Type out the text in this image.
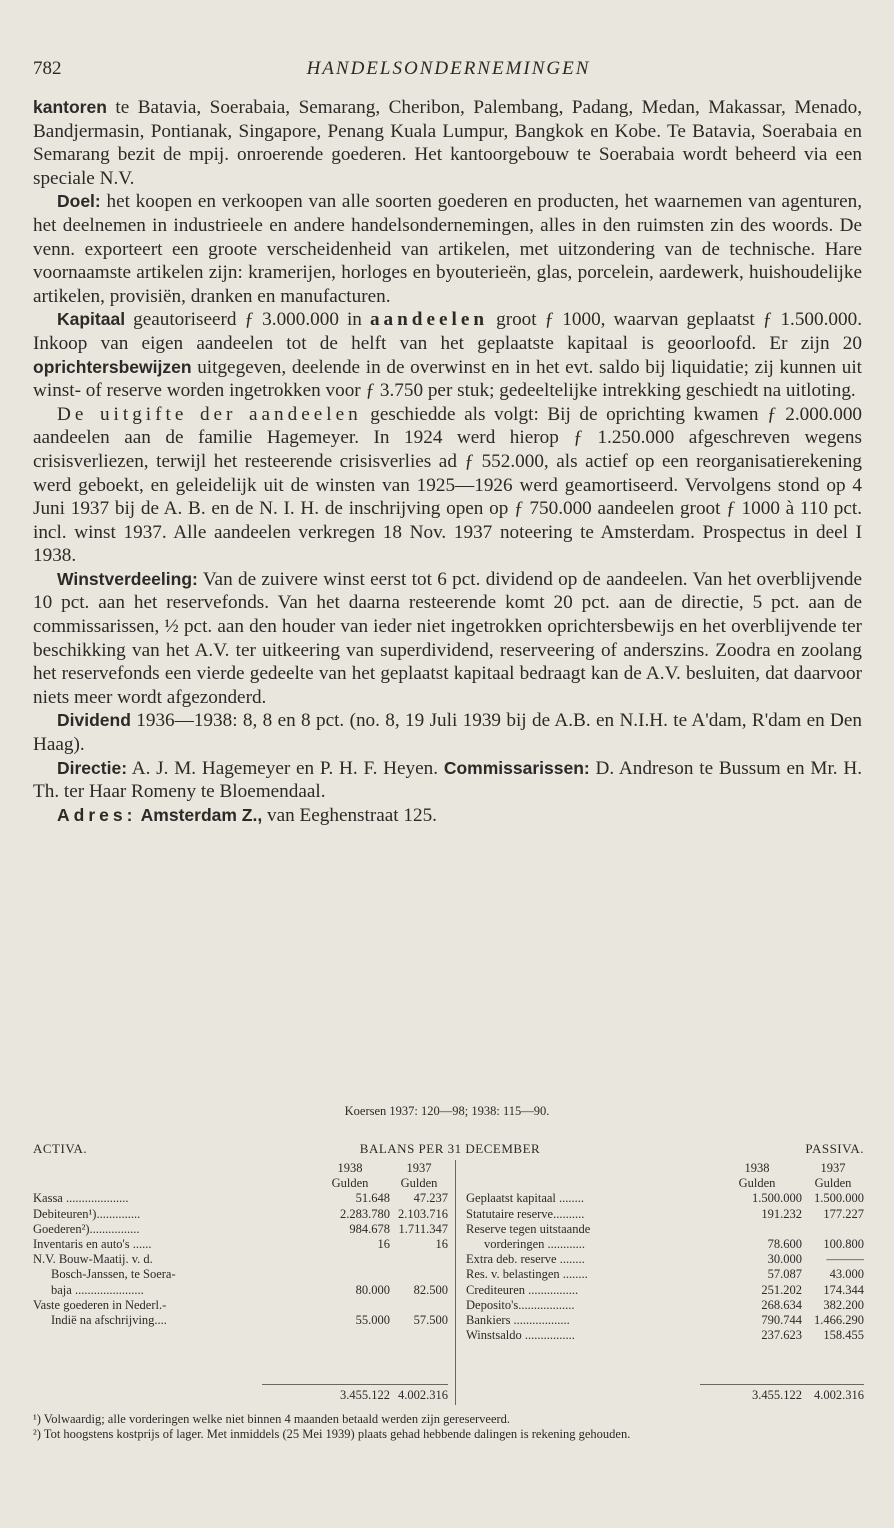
782	HANDELSONDERNEMINGEN

kantoren te Batavia, Soerabaia, Semarang, Cheribon, Palembang, Padang, Medan, Makassar, Menado, Bandjermasin, Pontianak, Singapore, Penang Kuala Lumpur, Bangkok en Kobe. Te Batavia, Soerabaia en Semarang bezit de mpij. onroerende goederen. Het kantoorgebouw te Soerabaia wordt beheerd via een speciale N.V.

Doel: het koopen en verkoopen van alle soorten goederen en producten, het waarnemen van agenturen, het deelnemen in industrieele en andere handelsondernemingen, alles in den ruimsten zin des woords. De venn. exporteert een groote verscheidenheid van artikelen, met uitzondering van de technische. Hare voornaamste artikelen zijn: kramerijen, horloges en byouterieën, glas, porcelein, aardewerk, huishoudelijke artikelen, provisiën, dranken en manufacturen.

Kapitaal geautoriseerd ƒ 3.000.000 in aandeelen groot ƒ 1000, waarvan geplaatst ƒ 1.500.000. Inkoop van eigen aandeelen tot de helft van het geplaatste kapitaal is geoorloofd. Er zijn 20 oprichtersbewijzen uitgegeven, deelende in de overwinst en in het evt. saldo bij liquidatie; zij kunnen uit winst- of reserve worden ingetrokken voor ƒ 3.750 per stuk; gedeeltelijke intrekking geschiedt na uitloting.

De uitgifte der aandeelen geschiedde als volgt: Bij de oprichting kwamen ƒ 2.000.000 aandeelen aan de familie Hagemeyer. In 1924 werd hierop ƒ 1.250.000 afgeschreven wegens crisisverliezen, terwijl het resteerende crisisverlies ad ƒ 552.000, als actief op een reorganisatierekening werd geboekt, en geleidelijk uit de winsten van 1925—1926 werd geamortiseerd. Vervolgens stond op 4 Juni 1937 bij de A. B. en de N. I. H. de inschrijving open op ƒ 750.000 aandeelen groot ƒ 1000 à 110 pct. incl. winst 1937. Alle aandeelen verkregen 18 Nov. 1937 noteering te Amsterdam. Prospectus in deel I 1938.

Winstverdeeling: Van de zuivere winst eerst tot 6 pct. dividend op de aandeelen. Van het overblijvende 10 pct. aan het reservefonds. Van het daarna resteerende komt 20 pct. aan de directie, 5 pct. aan de commissarissen, ½ pct. aan den houder van ieder niet ingetrokken oprichtersbewijs en het overblijvende ter beschikking van het A.V. ter uitkeering van superdividend, reserveering of anderszins. Zoodra en zoolang het reservefonds een vierde gedeelte van het geplaatst kapitaal bedraagt kan de A.V. besluiten, dat daarvoor niets meer wordt afgezonderd.

Dividend 1936—1938: 8, 8 en 8 pct. (no. 8, 19 Juli 1939 bij de A.B. en N.I.H. te A'dam, R'dam en Den Haag).

Directie: A. J. M. Hagemeyer en P. H. F. Heyen. Commissarissen: D. Andreson te Bussum en Mr. H. Th. ter Haar Romeny te Bloemendaal.

Adres: Amsterdam Z., van Eeghenstraat 125.

Koersen 1937: 120—98; 1938: 115—90.
ACTIVA.	BALANS PER 31 DECEMBER	PASSIVA.
1938	1937
Gulden	Gulden
Kassa ....................	51.648	47.237
Debiteuren¹)..............	2.283.780 2.103.716
Goederen²)................	984.678 1.711.347
Inventaris en auto's ......	16	16
N.V. Bouw-Maatij. v. d.
Bosch-Janssen, te Soera-
baja ......................	80.000	82.500
Vaste goederen in Nederl.-
Indië na afschrijving....	55.000	57.500
1938	1937
Gulden	Gulden
Geplaatst kapitaal ........	1.500.000 1.500.000
Statutaire reserve..........	191.232	177.227
Reserve tegen uitstaande
vorderingen ............	78.600	100.800
Extra deb. reserve ........	30.000	———
Res. v. belastingen ........	57.087	43.000
Crediteuren ................	251.202	174.344
Deposito's..................	268.634	382.200
Bankiers ..................	790.744 1.466.290
Winstsaldo ................	237.623	158.455
3.455.122 4.002.316	3.455.122 4.002.316

¹) Volwaardig; alle vorderingen welke niet binnen 4 maanden betaald werden zijn gereserveerd.

²) Tot hoogstens kostprijs of lager. Met inmiddels (25 Mei 1939) plaats gehad hebbende dalingen is rekening gehouden.
